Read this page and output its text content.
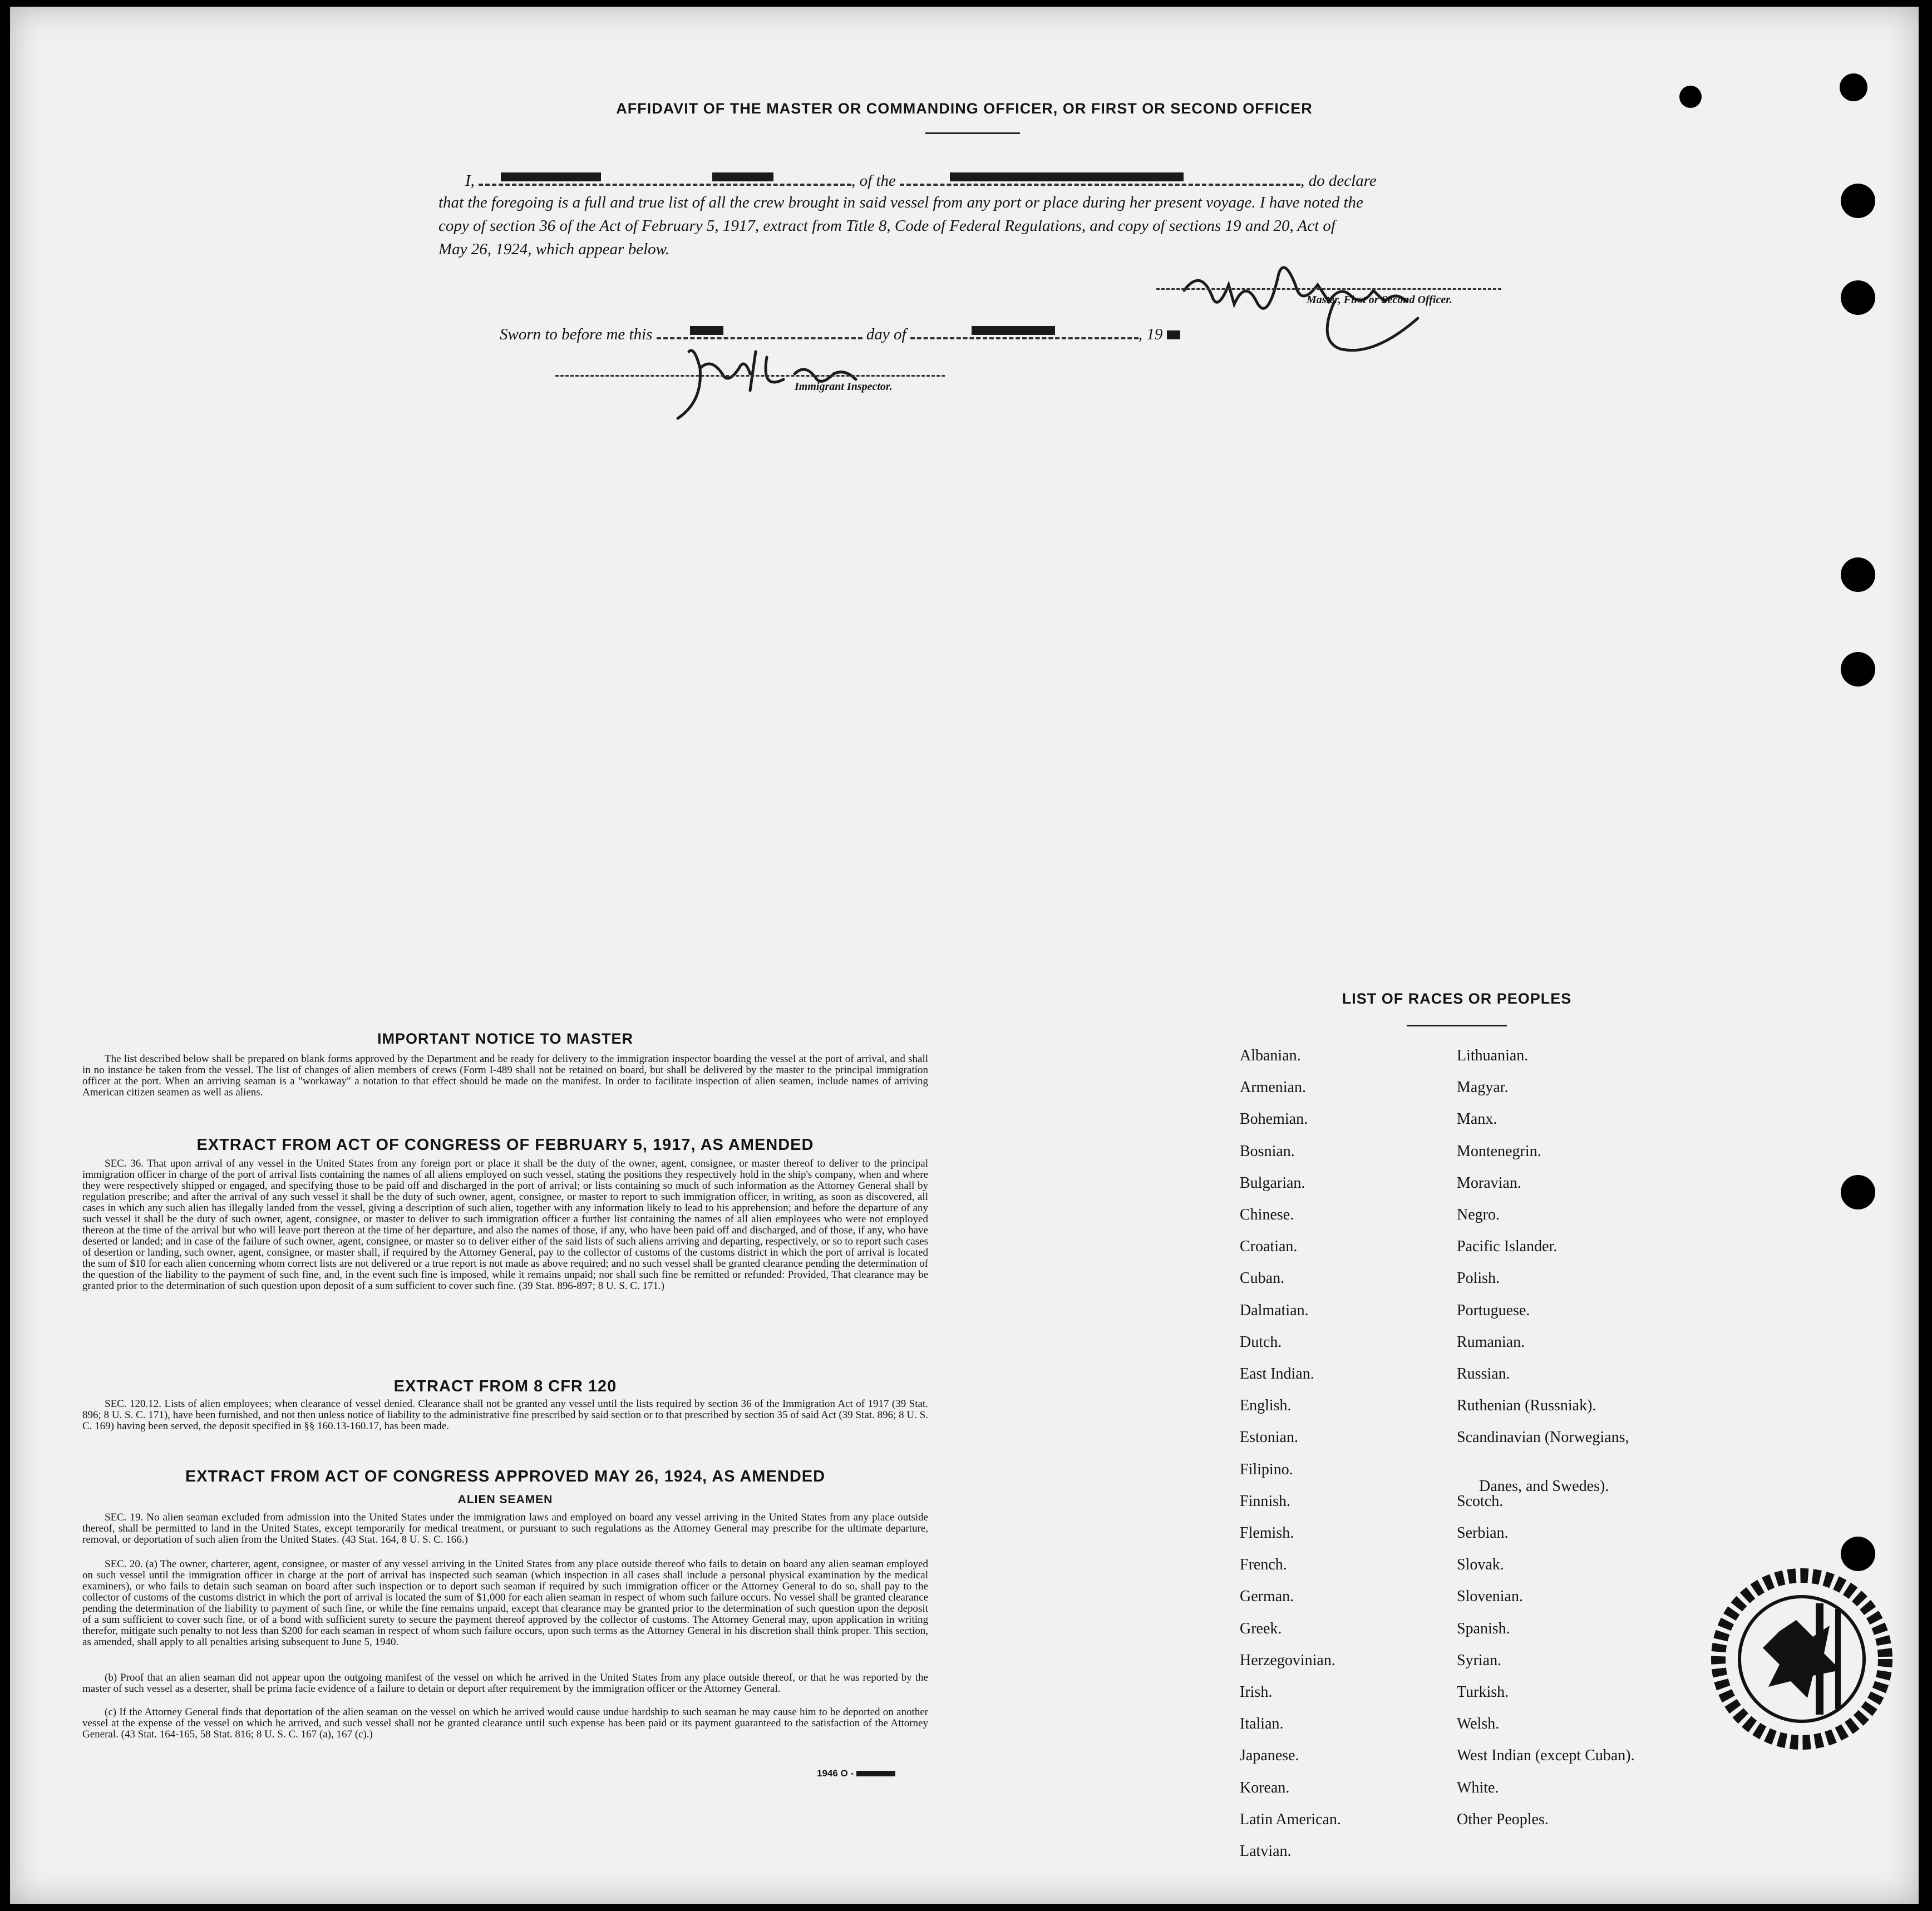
AFFIDAVIT OF THE MASTER OR COMMANDING OFFICER, OR FIRST OR SECOND OFFICER
I,	, of the	, do declare
that the foregoing is a full and true list of all the crew brought in said vessel from any port or place during her present voyage. I have noted the
copy of section 36 of the Act of February 5, 1917, extract from Title 8, Code of Federal Regulations, and copy of sections 19 and 20, Act of
May 26, 1924, which appear below.
Master, First or Second Officer.
Sworn to before me this	day of	, 19
Immigrant Inspector.
IMPORTANT NOTICE TO MASTER
The list described below shall be prepared on blank forms approved by the Department and be ready for delivery to the immigration inspector boarding the vessel at the port of arrival, and shall in no instance be taken from the vessel. The list of changes of alien members of crews (Form I-489 shall not be retained on board, but shall be delivered by the master to the principal immigration officer at the port. When an arriving seaman is a "workaway" a notation to that effect should be made on the manifest. In order to facilitate inspection of alien seamen, include names of arriving American citizen seamen as well as aliens.
EXTRACT FROM ACT OF CONGRESS OF FEBRUARY 5, 1917, AS AMENDED
SEC. 36. That upon arrival of any vessel in the United States from any foreign port or place it shall be the duty of the owner, agent, consignee, or master thereof to deliver to the principal immigration officer in charge of the port of arrival lists containing the names of all aliens employed on such vessel, stating the positions they respectively hold in the ship's company, when and where they were respectively shipped or engaged, and specifying those to be paid off and discharged in the port of arrival; or lists containing so much of such information as the Attorney General shall by regulation prescribe; and after the arrival of any such vessel it shall be the duty of such owner, agent, consignee, or master to report to such immigration officer, in writing, as soon as discovered, all cases in which any such alien has illegally landed from the vessel, giving a description of such alien, together with any information likely to lead to his apprehension; and before the departure of any such vessel it shall be the duty of such owner, agent, consignee, or master to deliver to such immigration officer a further list containing the names of all alien employees who were not employed thereon at the time of the arrival but who will leave port thereon at the time of her departure, and also the names of those, if any, who have been paid off and discharged, and of those, if any, who have deserted or landed; and in case of the failure of such owner, agent, consignee, or master so to deliver either of the said lists of such aliens arriving and departing, respectively, or so to report such cases of desertion or landing, such owner, agent, consignee, or master shall, if required by the Attorney General, pay to the collector of customs of the customs district in which the port of arrival is located the sum of $10 for each alien concerning whom correct lists are not delivered or a true report is not made as above required; and no such vessel shall be granted clearance pending the determination of the question of the liability to the payment of such fine, and, in the event such fine is imposed, while it remains unpaid; nor shall such fine be remitted or refunded: Provided, That clearance may be granted prior to the determination of such question upon deposit of a sum sufficient to cover such fine. (39 Stat. 896-897; 8 U. S. C. 171.)
EXTRACT FROM 8 CFR 120
SEC. 120.12. Lists of alien employees; when clearance of vessel denied. Clearance shall not be granted any vessel until the lists required by section 36 of the Immigration Act of 1917 (39 Stat. 896; 8 U. S. C. 171), have been furnished, and not then unless notice of liability to the administrative fine prescribed by said section or to that prescribed by section 35 of said Act (39 Stat. 896; 8 U. S. C. 169) having been served, the deposit specified in §§ 160.13-160.17, has been made.
EXTRACT FROM ACT OF CONGRESS APPROVED MAY 26, 1924, AS AMENDED
ALIEN SEAMEN
SEC. 19. No alien seaman excluded from admission into the United States under the immigration laws and employed on board any vessel arriving in the United States from any place outside thereof, shall be permitted to land in the United States, except temporarily for medical treatment, or pursuant to such regulations as the Attorney General may prescribe for the ultimate departure, removal, or deportation of such alien from the United States. (43 Stat. 164, 8 U. S. C. 166.)
SEC. 20. (a) The owner, charterer, agent, consignee, or master of any vessel arriving in the United States from any place outside thereof who fails to detain on board any alien seaman employed on such vessel until the immigration officer in charge at the port of arrival has inspected such seaman (which inspection in all cases shall include a personal physical examination by the medical examiners), or who fails to detain such seaman on board after such inspection or to deport such seaman if required by such immigration officer or the Attorney General to do so, shall pay to the collector of customs of the customs district in which the port of arrival is located the sum of $1,000 for each alien seaman in respect of whom such failure occurs. No vessel shall be granted clearance pending the determination of the liability to payment of such fine, or while the fine remains unpaid, except that clearance may be granted prior to the determination of such question upon the deposit of a sum sufficient to cover such fine, or of a bond with sufficient surety to secure the payment thereof approved by the collector of customs. The Attorney General may, upon application in writing therefor, mitigate such penalty to not less than $200 for each seaman in respect of whom such failure occurs, upon such terms as the Attorney General in his discretion shall think proper. This section, as amended, shall apply to all penalties arising subsequent to June 5, 1940.
(b) Proof that an alien seaman did not appear upon the outgoing manifest of the vessel on which he arrived in the United States from any place outside thereof, or that he was reported by the master of such vessel as a deserter, shall be prima facie evidence of a failure to detain or deport after requirement by the immigration officer or the Attorney General.
(c) If the Attorney General finds that deportation of the alien seaman on the vessel on which he arrived would cause undue hardship to such seaman he may cause him to be deported on another vessel at the expense of the vessel on which he arrived, and such vessel shall not be granted clearance until such expense has been paid or its payment guaranteed to the satisfaction of the Attorney General. (43 Stat. 164-165, 58 Stat. 816; 8 U. S. C. 167 (a), 167 (c).)
1946 O -
LIST OF RACES OR PEOPLES
Albanian.
Armenian.
Bohemian.
Bosnian.
Bulgarian.
Chinese.
Croatian.
Cuban.
Dalmatian.
Dutch.
East Indian.
English.
Estonian.
Filipino.
Finnish.
Flemish.
French.
German.
Greek.
Herzegovinian.
Irish.
Italian.
Japanese.
Korean.
Latin American.
Latvian.
Lithuanian.
Magyar.
Manx.
Montenegrin.
Moravian.
Negro.
Pacific Islander.
Polish.
Portuguese.
Rumanian.
Russian.
Ruthenian (Russniak).
Scandinavian (Norwegians,
Danes, and Swedes).
Scotch.
Serbian.
Slovak.
Slovenian.
Spanish.
Syrian.
Turkish.
Welsh.
West Indian (except Cuban).
White.
Other Peoples.
